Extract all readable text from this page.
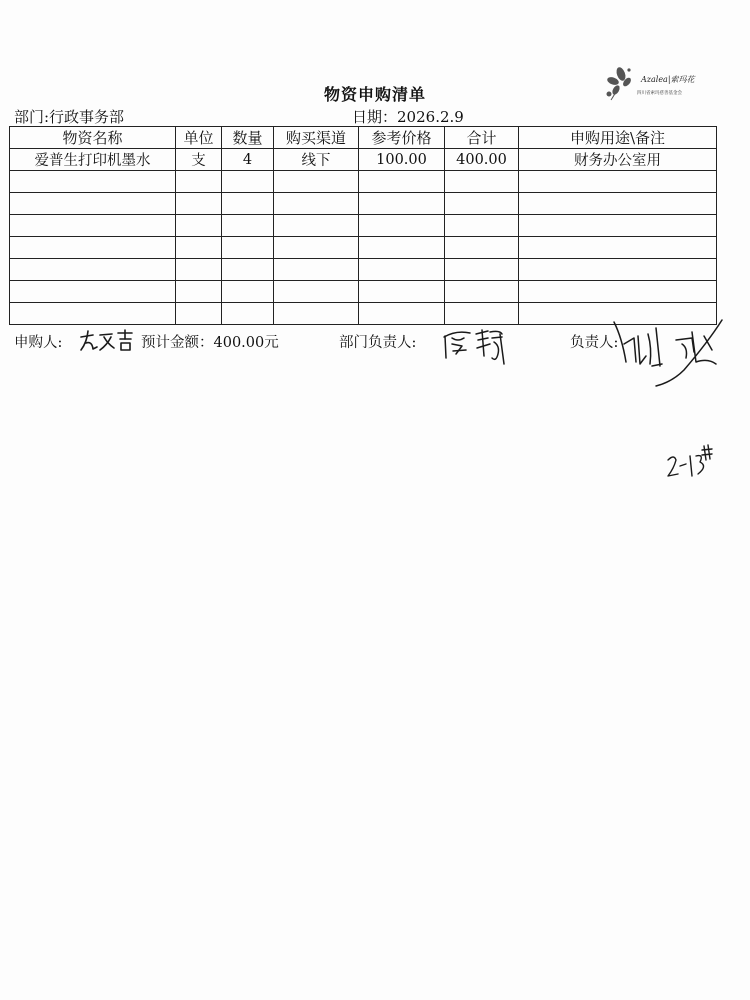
Azalea|索玛花
四川省索玛慈善基金会
物资申购清单
部门:行政事务部	日期：2026.2.9
物资名称	单位	数量	购买渠道	参考价格	合计	申购用途\备注
爱普生打印机墨水	支	4	线下	100.00	400.00	财务办公室用

申购人:	预计金额：400.00元	部门负责人:	负责人:
